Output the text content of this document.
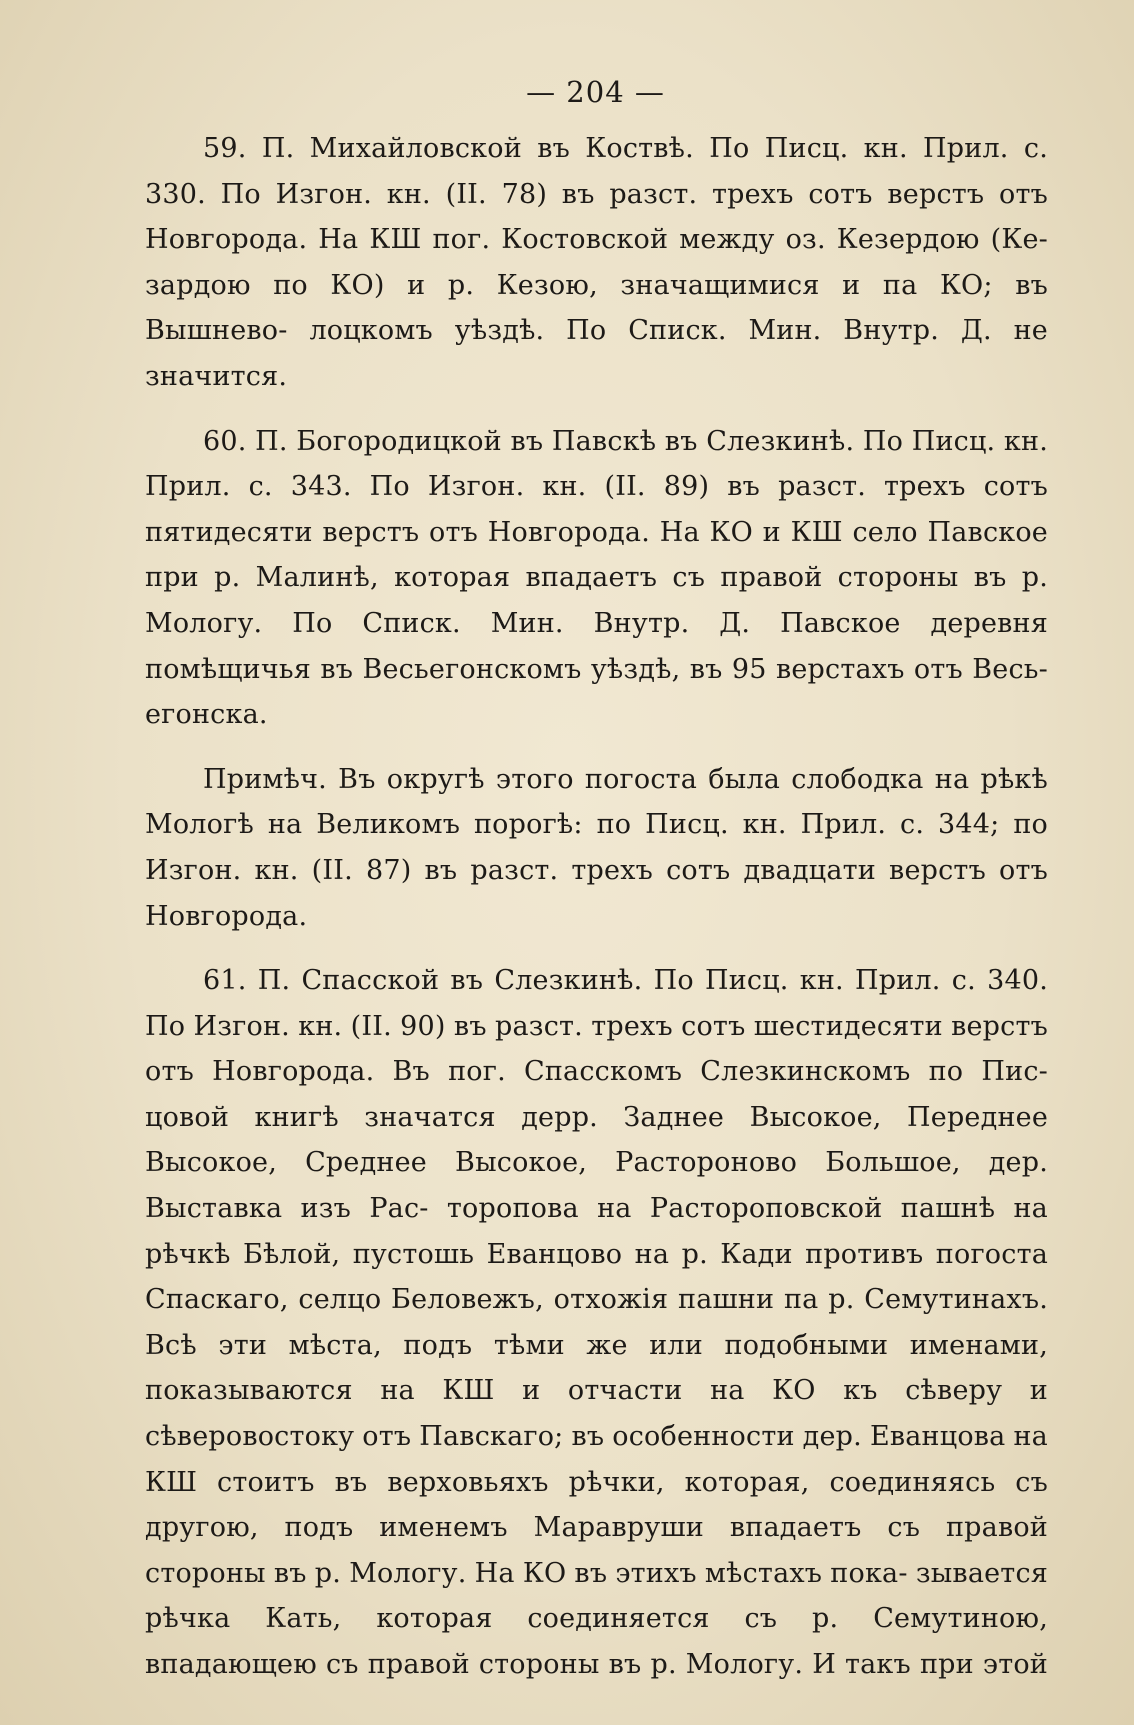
— 204 —

59. П. Михайловской въ Коствѣ. По Писц. кн. Прил. с. 330. По Изгон. кн. (II. 78) въ разст. трехъ сотъ верстъ отъ Новгорода. На КШ пог. Костовской между оз. Кезердою (Ке- зардою по КО) и р. Кезою, значащимися и па КО; въ Вышнево- лоцкомъ уѣздѣ. По Списк. Мин. Внутр. Д. не значится.

60. П. Богородицкой въ Павскѣ въ Слезкинѣ. По Писц. кн. Прил. с. 343. По Изгон. кн. (II. 89) въ разст. трехъ сотъ пятидесяти верстъ отъ Новгорода. На КО и КШ село Павское при р. Малинѣ, которая впадаетъ съ правой стороны въ р. Мологу. По Списк. Мин. Внутр. Д. Павское деревня помѣщичья въ Весьегонскомъ уѣздѣ, въ 95 верстахъ отъ Весь- егонска.

Примѣч. Въ округѣ этого погоста была слободка на рѣкѣ Мологѣ на Великомъ порогѣ: по Писц. кн. Прил. с. 344; по Изгон. кн. (II. 87) въ разст. трехъ сотъ двадцати верстъ отъ Новгорода.

61. П. Спасской въ Слезкинѣ. По Писц. кн. Прил. с. 340. По Изгон. кн. (II. 90) въ разст. трехъ сотъ шестидесяти верстъ отъ Новгорода. Въ пог. Спасскомъ Слезкинскомъ по Пис- цовой книгѣ значатся дерр. Заднее Высокое, Переднее Высокое, Среднее Высокое, Растороново Большое, дер. Выставка изъ Рас- торопова на Расторопoвской пашнѣ на рѣчкѣ Бѣлой, пустошь Еванцово на р. Кади противъ погоста Спаскаго, селцо Беловежъ, отхожія пашни па р. Семутинахъ. Всѣ эти мѣста, подъ тѣми же или подобными именами, показываются на КШ и отчасти на КО къ сѣверу и сѣверовостоку отъ Павскаго; въ особенности дер. Еванцова на КШ стоитъ въ верховьяхъ рѣчки, которая, соединяясь съ другою, подъ именемъ Маравруши впадаетъ съ правой стороны въ р. Мологу. На КО въ этихъ мѣстахъ пока- зывается рѣчка Кать, которая соединяется съ р. Семутиною, впадающею съ правой стороны въ р. Мологу. И такъ при этой
